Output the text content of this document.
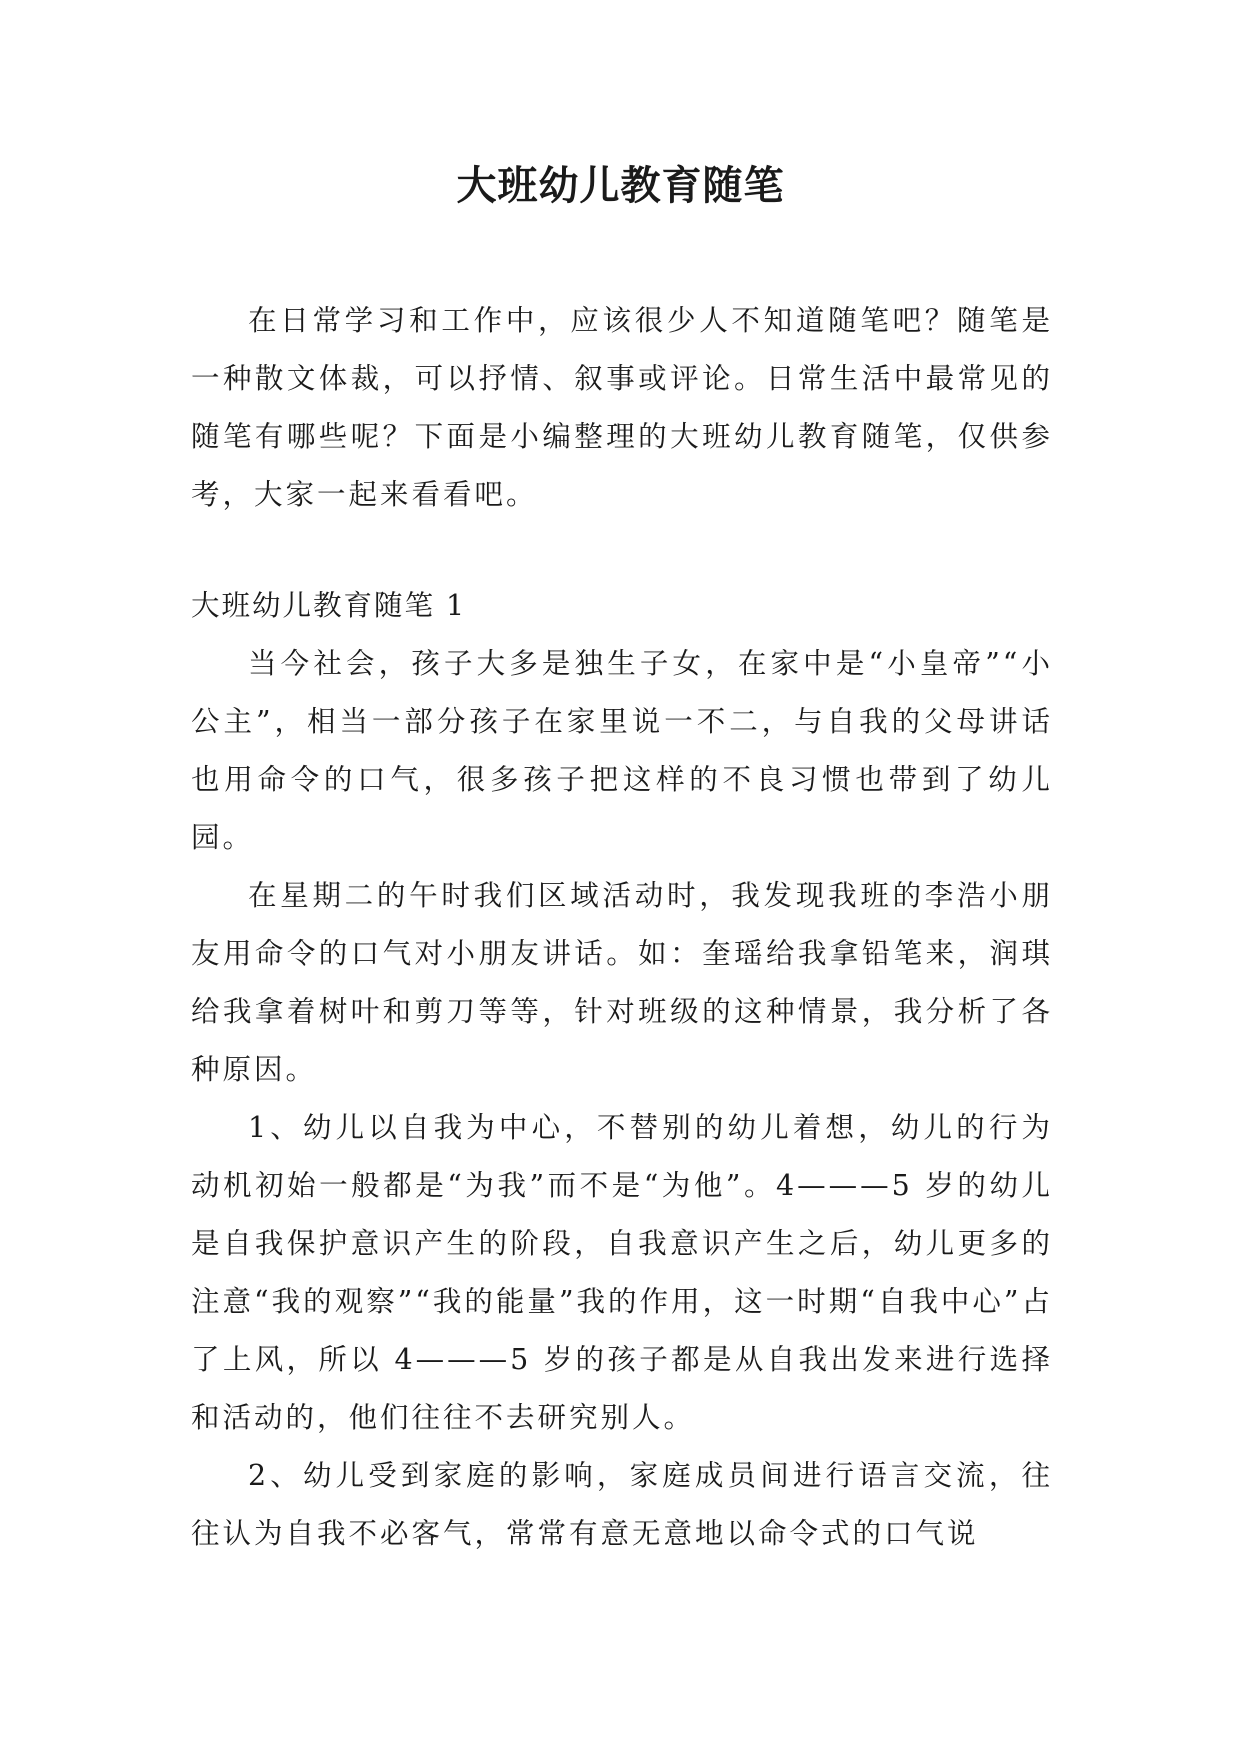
大班幼儿教育随笔

在日常学习和工作中，应该很少人不知道随笔吧？随笔是一种散文体裁，可以抒情、叙事或评论。日常生活中最常见的随笔有哪些呢？下面是小编整理的大班幼儿教育随笔，仅供参考，大家一起来看看吧。

大班幼儿教育随笔 1

当今社会，孩子大多是独生子女，在家中是“小皇帝”“小公主”，相当一部分孩子在家里说一不二，与自我的父母讲话也用命令的口气，很多孩子把这样的不良习惯也带到了幼儿园。

在星期二的午时我们区域活动时，我发现我班的李浩小朋友用命令的口气对小朋友讲话。如：奎瑶给我拿铅笔来，润琪给我拿着树叶和剪刀等等，针对班级的这种情景，我分析了各种原因。

1、幼儿以自我为中心，不替别的幼儿着想，幼儿的行为动机初始一般都是“为我”而不是“为他”。4———5 岁的幼儿是自我保护意识产生的阶段，自我意识产生之后，幼儿更多的注意“我的观察”“我的能量”我的作用，这一时期“自我中心”占了上风，所以 4———5 岁的孩子都是从自我出发来进行选择和活动的，他们往往不去研究别人。

2、幼儿受到家庭的影响，家庭成员间进行语言交流，往往认为自我不必客气，常常有意无意地以命令式的口气说
